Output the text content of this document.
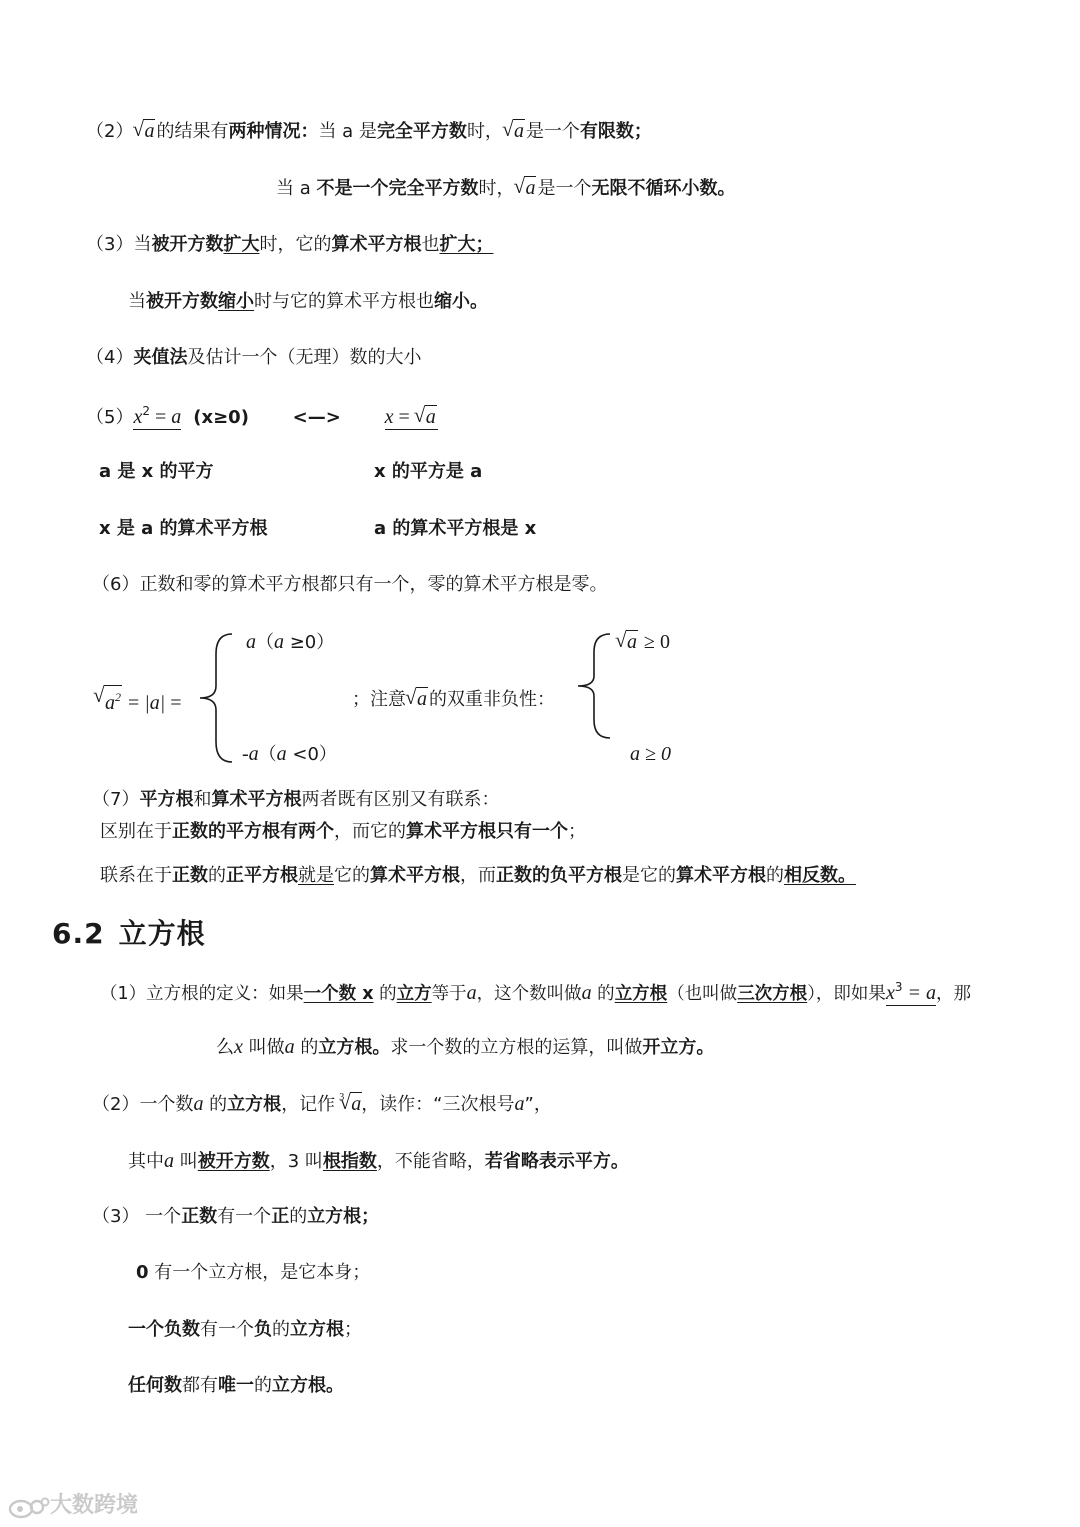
（2） √ a 的结果有两种情况：当 a 是完全平方数时， √ a 是一个有限数；
当 a 不是一个完全平方数时， √ a 是一个无限不循环小数。
（3）当被开方数扩大时，它的算术平方根也扩大；
当被开方数缩小时与它的算术平方根也缩小。
（4）夹值法及估计一个（无理）数的大小
$(5)x^2 = a$ (x≥0) <—> x = √ a
a 是 x 的平方	x 的平方是 a
x 是 a 的算术平方根	a 的算术平方根是 x
（6）正数和零的算术平方根都只有一个，零的算术平方根是零。
√ $a^2 = |a|$ =
a（a ≥0）
-a（a <0）
；注意 √ a 的双重非负性：
√ a ≥ 0
a ≥ 0
（7）平方根和算术平方根两者既有区别又有联系：
区别在于正数的平方根有两个，而它的算术平方根只有一个；
联系在于正数的正平方根就是它的算术平方根，而正数的负平方根是它的算术平方根的相反数。
6.2 立方根
（1）立方根的定义：如果一个数 x 的立方等于a，这个数叫做a 的立方根（也叫做三次方根），即如果$x^3 = a$，那
么x 叫做a 的立方根。求一个数的立方根的运算，叫做开立方。
（2）一个数a 的立方根，记作 √ 3 a，读作：“三次根号a”，
其中a 叫被开方数，3 叫根指数，不能省略，若省略表示平方。
（3） 一个正数有一个正的立方根；
0 有一个立方根，是它本身；
一个负数有一个负的立方根；
任何数都有唯一的立方根。
大数跨境
